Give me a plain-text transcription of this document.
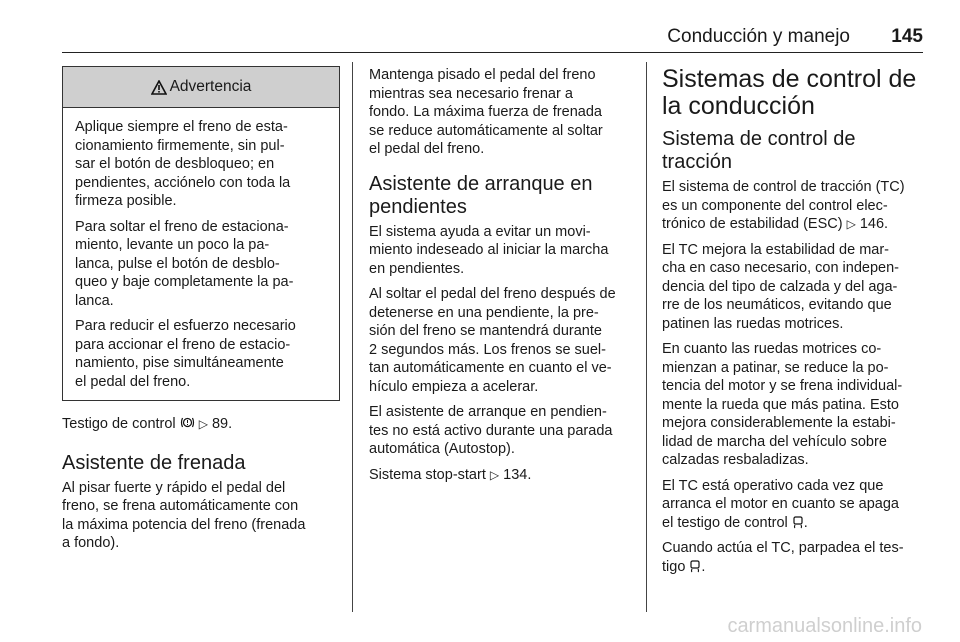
Conducción y manejo 145
Advertencia

Aplique siempre el freno de esta-
cionamiento firmemente, sin pul-
sar el botón de desbloqueo; en
pendientes, acciónelo con toda la
firmeza posible.

Para soltar el freno de estaciona-
miento, levante un poco la pa-
lanca, pulse el botón de desblo-
queo y baje completamente la pa-
lanca.

Para reducir el esfuerzo necesario
para accionar el freno de estacio-
namiento, pise simultáneamente
el pedal del freno.

Testigo de control ▷ 89.

Asistente de frenada

Al pisar fuerte y rápido el pedal del
freno, se frena automáticamente con
la máxima potencia del freno (frenada
a fondo).

Mantenga pisado el pedal del freno
mientras sea necesario frenar a
fondo. La máxima fuerza de frenada
se reduce automáticamente al soltar
el pedal del freno.

Asistente de arranque en
pendientes

El sistema ayuda a evitar un movi-
miento indeseado al iniciar la marcha
en pendientes.

Al soltar el pedal del freno después de
detenerse en una pendiente, la pre-
sión del freno se mantendrá durante
2 segundos más. Los frenos se suel-
tan automáticamente en cuanto el ve-
hículo empieza a acelerar.

El asistente de arranque en pendien-
tes no está activo durante una parada
automática (Autostop).

Sistema stop-start ▷ 134.

Sistemas de control de
la conducción
Sistema de control de
tracción

El sistema de control de tracción (TC)
es un componente del control elec-
trónico de estabilidad (ESC) ▷ 146.

El TC mejora la estabilidad de mar-
cha en caso necesario, con indepen-
dencia del tipo de calzada y del aga-
rre de los neumáticos, evitando que
patinen las ruedas motrices.

En cuanto las ruedas motrices co-
mienzan a patinar, se reduce la po-
tencia del motor y se frena individual-
mente la rueda que más patina. Esto
mejora considerablemente la estabi-
lidad de marcha del vehículo sobre
calzadas resbaladizas.

El TC está operativo cada vez que
arranca el motor en cuanto se apaga
el testigo de control .

Cuando actúa el TC, parpadea el tes-
tigo .

carmanualsonline.info
